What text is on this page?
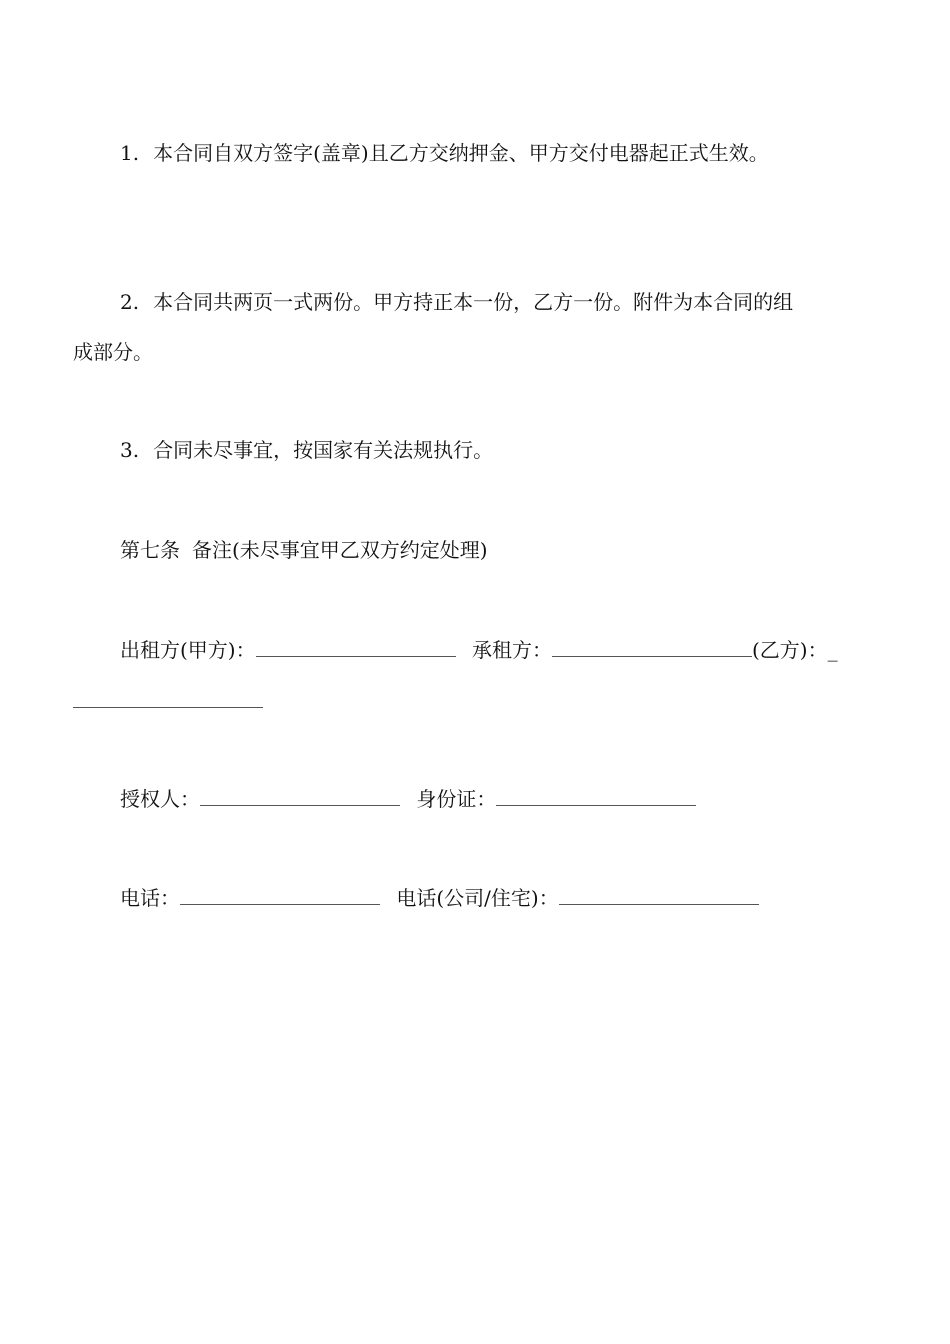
1. 本合同自双方签字(盖章)且乙方交纳押金、甲方交付电器起正式生效。
2. 本合同共两页一式两份。甲方持正本一份，乙方一份。附件为本合同的组
成部分。
3. 合同未尽事宜，按国家有关法规执行。
第七条 备注(未尽事宜甲乙双方约定处理)
出租方(甲方)：	承租方：	(乙方)：_
授权人：	身份证：
电话：	电话(公司/住宅)：
